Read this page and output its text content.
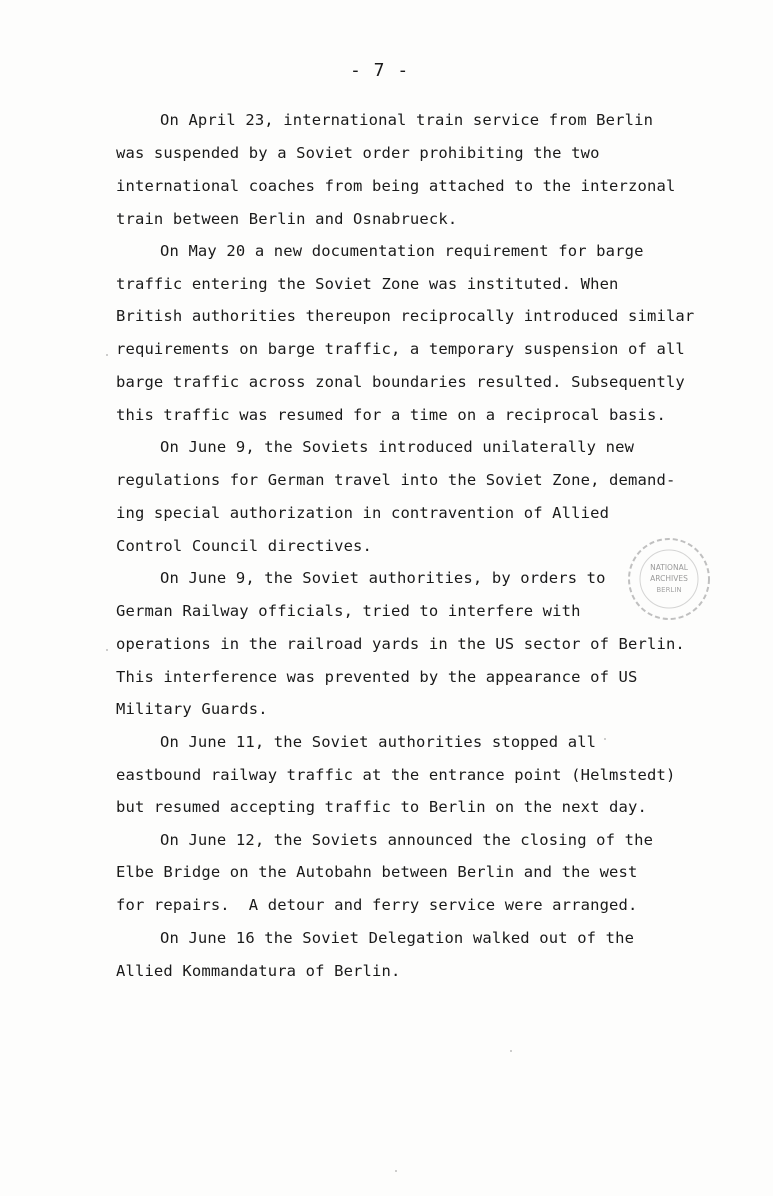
- 7 -
On April 23, international train service from Berlin
was suspended by a Soviet order prohibiting the two
international coaches from being attached to the interzonal
train between Berlin and Osnabrueck.
On May 20 a new documentation requirement for barge
traffic entering the Soviet Zone was instituted. When
British authorities thereupon reciprocally introduced similar
requirements on barge traffic, a temporary suspension of all
barge traffic across zonal boundaries resulted. Subsequently
this traffic was resumed for a time on a reciprocal basis.
On June 9, the Soviets introduced unilaterally new
regulations for German travel into the Soviet Zone, demand-
ing special authorization in contravention of Allied
Control Council directives.
On June 9, the Soviet authorities, by orders to
German Railway officials, tried to interfere with
operations in the railroad yards in the US sector of Berlin.
This interference was prevented by the appearance of US
Military Guards.
On June 11, the Soviet authorities stopped all
eastbound railway traffic at the entrance point (Helmstedt)
but resumed accepting traffic to Berlin on the next day.
On June 12, the Soviets announced the closing of the
Elbe Bridge on the Autobahn between Berlin and the west
for repairs.  A detour and ferry service were arranged.
On June 16 the Soviet Delegation walked out of the
Allied Kommandatura of Berlin.
NATIONAL
ARCHIVES
BERLIN
